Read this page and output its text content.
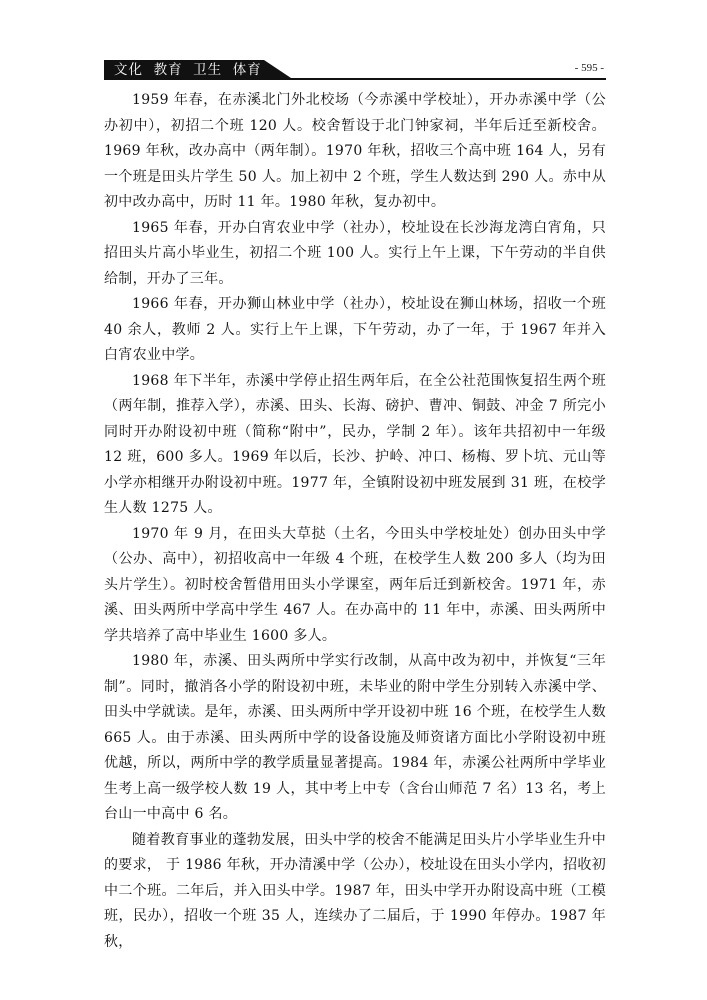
文化  教育  卫生  体育	- 595 -

1959 年春，在赤溪北门外北校场（今赤溪中学校址），开办赤溪中学（公办初中），初招二个班 120 人。校舍暂设于北门钟家祠，半年后迁至新校舍。1969 年秋，改办高中（两年制）。1970 年秋，招收三个高中班 164 人，另有一个班是田头片学生 50 人。加上初中 2 个班，学生人数达到 290 人。赤中从初中改办高中，历时 11 年。1980 年秋，复办初中。

1965 年春，开办白宵农业中学（社办），校址设在长沙海龙湾白宵角，只招田头片高小毕业生，初招二个班 100 人。实行上午上课，下午劳动的半自供给制，开办了三年。

1966 年春，开办狮山林业中学（社办），校址设在狮山林场，招收一个班 40 余人，教师 2 人。实行上午上课，下午劳动，办了一年，于 1967 年并入白宵农业中学。

1968 年下半年，赤溪中学停止招生两年后，在全公社范围恢复招生两个班（两年制，推荐入学），赤溪、田头、长海、磅护、曹冲、铜鼓、冲金 7 所完小同时开办附设初中班（简称“附中”，民办，学制 2 年）。该年共招初中一年级 12 班，600 多人。1969 年以后，长沙、护岭、冲口、杨梅、罗卜坑、元山等小学亦相继开办附设初中班。1977 年，全镇附设初中班发展到 31 班，在校学生人数 1275 人。

1970 年 9 月，在田头大草挞（土名，今田头中学校址处）创办田头中学（公办、高中），初招收高中一年级 4 个班，在校学生人数 200 多人（均为田头片学生）。初时校舍暂借用田头小学课室，两年后迁到新校舍。1971 年，赤溪、田头两所中学高中学生 467 人。在办高中的 11 年中，赤溪、田头两所中学共培养了高中毕业生 1600 多人。

1980 年，赤溪、田头两所中学实行改制，从高中改为初中，并恢复“三年制”。同时，撤消各小学的附设初中班，未毕业的附中学生分别转入赤溪中学、田头中学就读。是年，赤溪、田头两所中学开设初中班 16 个班，在校学生人数 665 人。由于赤溪、田头两所中学的设备设施及师资诸方面比小学附设初中班优越，所以，两所中学的教学质量显著提高。1984 年，赤溪公社两所中学毕业生考上高一级学校人数 19 人，其中考上中专（含台山师范 7 名）13 名，考上台山一中高中 6 名。

随着教育事业的蓬勃发展，田头中学的校舍不能满足田头片小学毕业生升中的要求， 于 1986 年秋，开办清溪中学（公办），校址设在田头小学内，招收初中二个班。二年后，并入田头中学。1987 年，田头中学开办附设高中班（工模班，民办），招收一个班 35 人，连续办了二届后，于 1990 年停办。1987 年秋，
